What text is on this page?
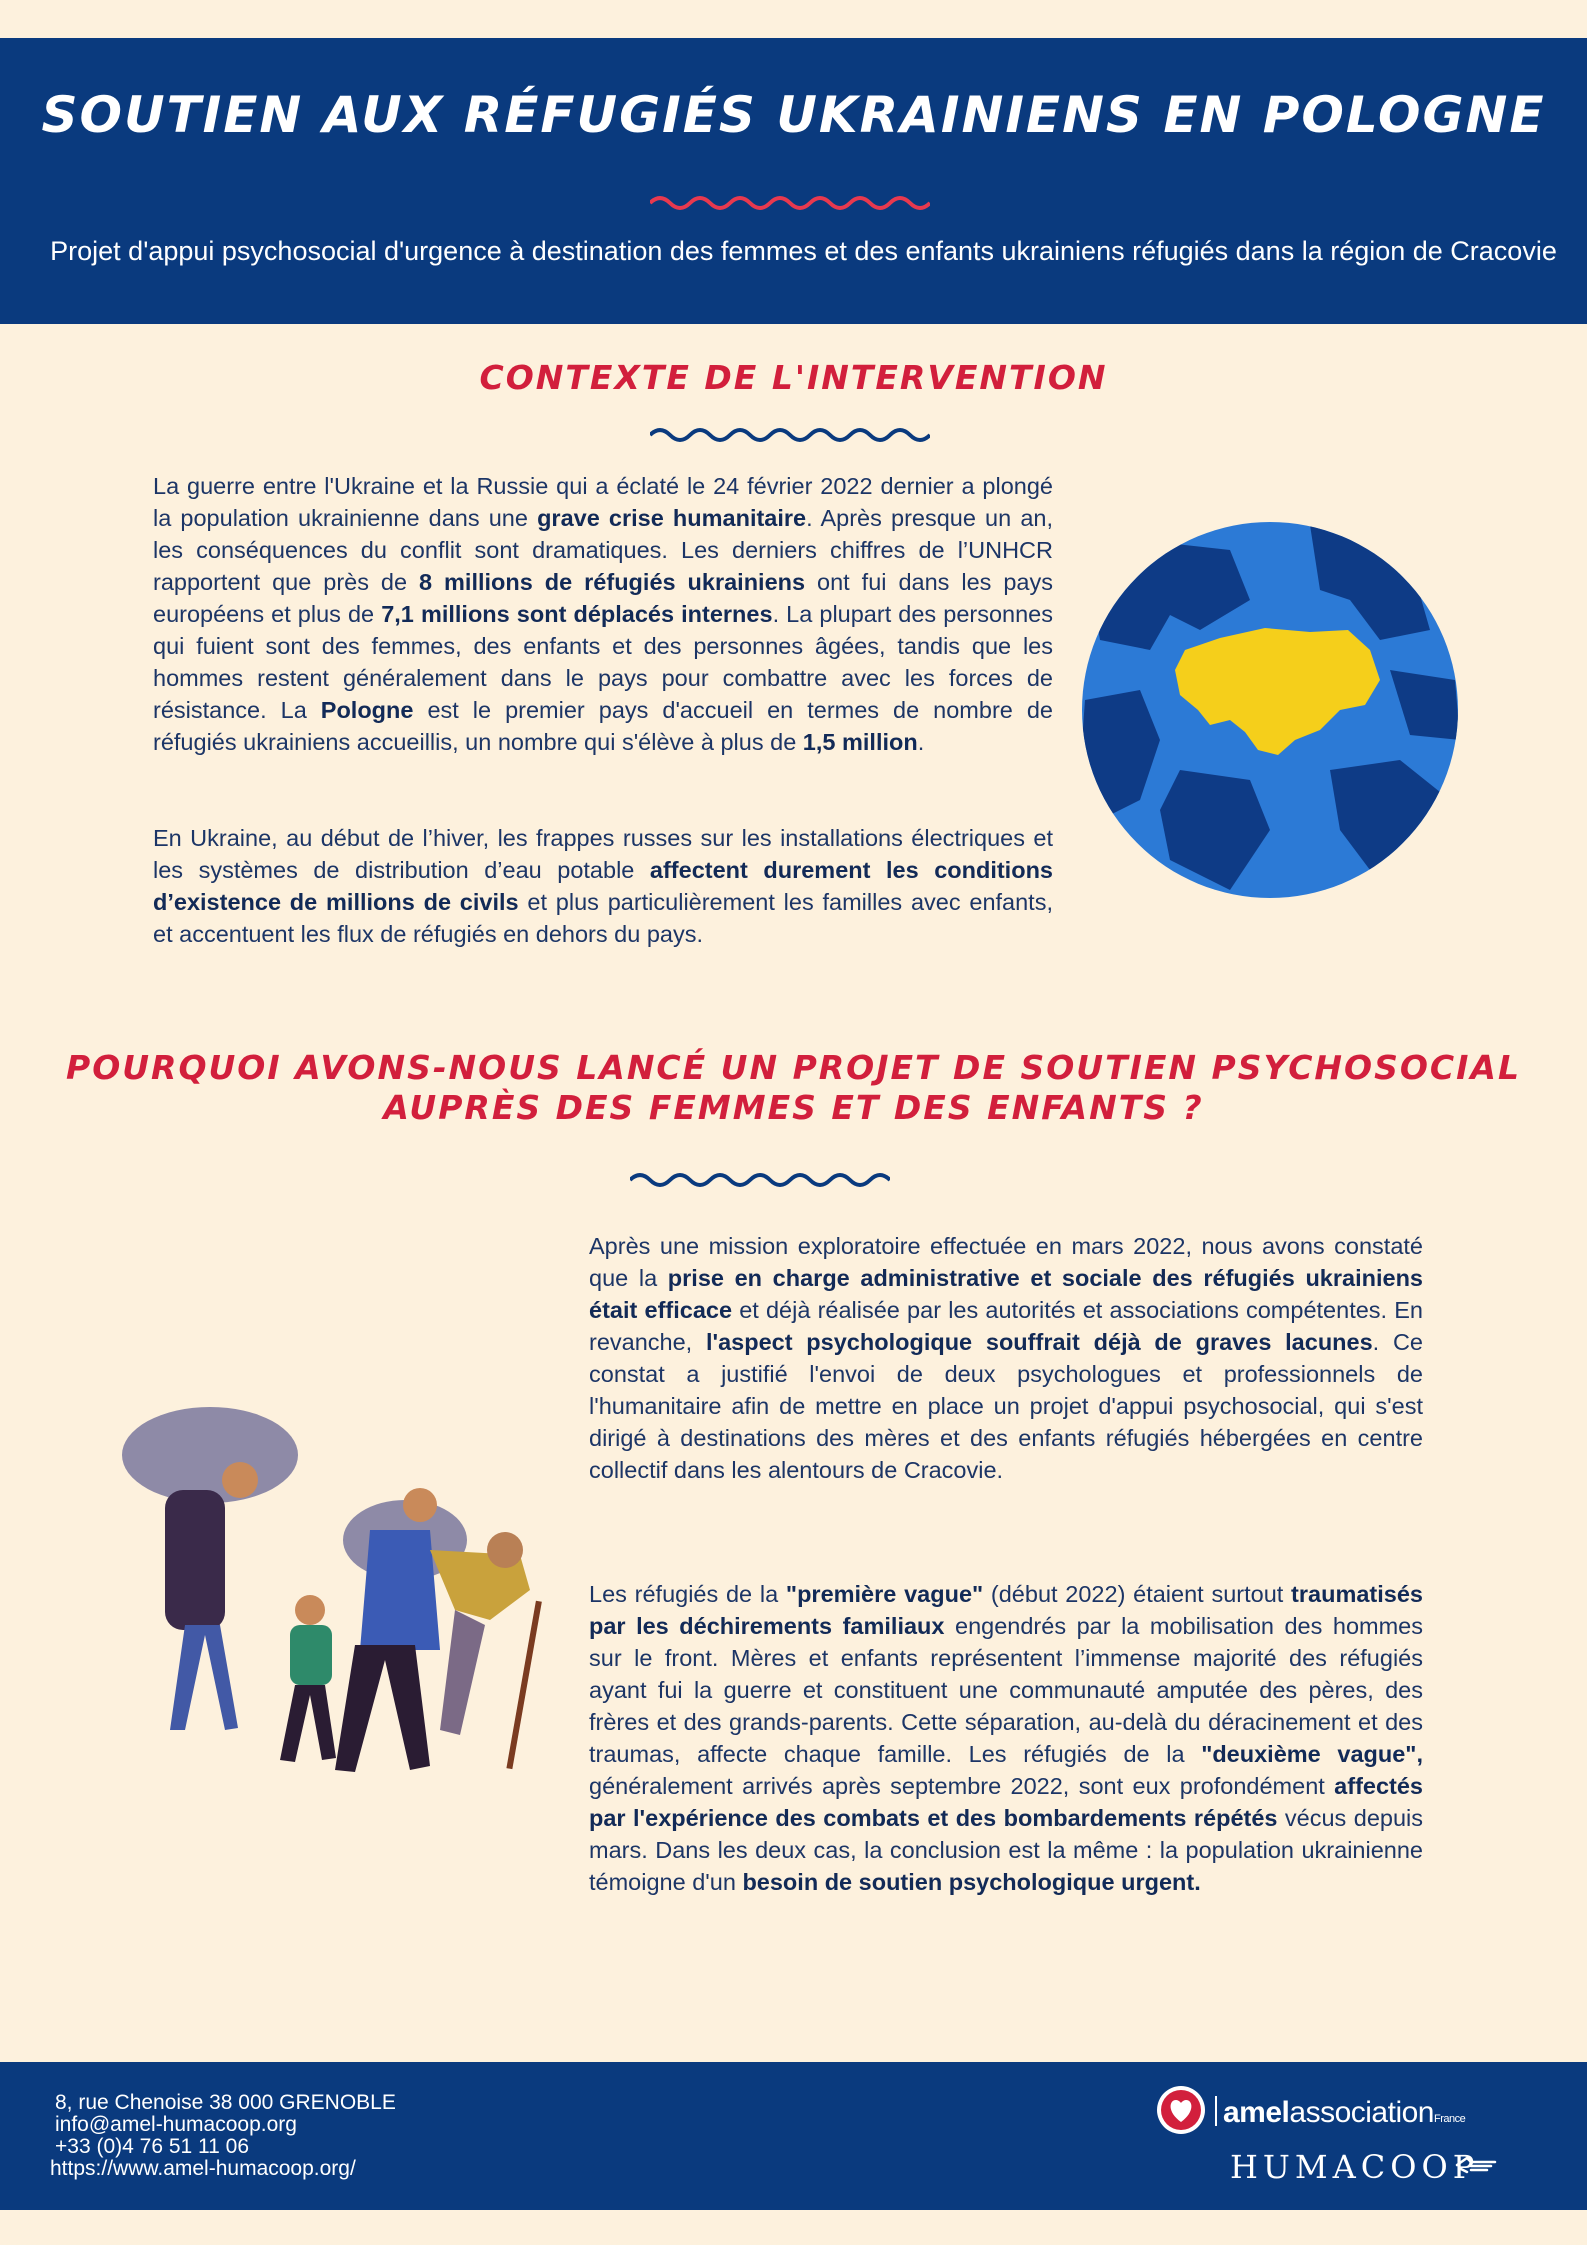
SOUTIEN AUX RÉFUGIÉS UKRAINIENS EN POLOGNE
Projet d'appui psychosocial d'urgence à destination des femmes et des enfants ukrainiens réfugiés dans la région de Cracovie
CONTEXTE DE L'INTERVENTION
La guerre entre l'Ukraine et la Russie qui a éclaté le 24 février 2022 dernier a plongé la population ukrainienne dans une grave crise humanitaire. Après presque un an, les conséquences du conflit sont dramatiques. Les derniers chiffres de l’UNHCR rapportent que près de 8 millions de réfugiés ukrainiens ont fui dans les pays européens et plus de 7,1 millions sont déplacés internes. La plupart des personnes qui fuient sont des femmes, des enfants et des personnes âgées, tandis que les hommes restent généralement dans le pays pour combattre avec les forces de résistance. La Pologne est le premier pays d'accueil en termes de nombre de réfugiés ukrainiens accueillis, un nombre qui s'élève à plus de 1,5 million.
En Ukraine, au début de l’hiver, les frappes russes sur les installations électriques et les systèmes de distribution d’eau potable affectent durement les conditions d’existence de millions de civils et plus particulièrement les familles avec enfants, et accentuent les flux de réfugiés en dehors du pays.
POURQUOI AVONS-NOUS LANCÉ UN PROJET DE SOUTIEN PSYCHOSOCIAL
AUPRÈS DES FEMMES ET DES ENFANTS ?
Après une mission exploratoire effectuée en mars 2022, nous avons constaté que la prise en charge administrative et sociale des réfugiés ukrainiens était efficace et déjà réalisée par les autorités et associations compétentes. En revanche, l'aspect psychologique souffrait déjà de graves lacunes. Ce constat a justifié l'envoi de deux psychologues et professionnels de l'humanitaire afin de mettre en place un projet d'appui psychosocial, qui s'est dirigé à destinations des mères et des enfants réfugiés hébergées en centre collectif dans les alentours de Cracovie.
Les réfugiés de la "première vague" (début 2022) étaient surtout traumatisés par les déchirements familiaux engendrés par la mobilisation des hommes sur le front. Mères et enfants représentent l’immense majorité des réfugiés ayant fui la guerre et constituent une communauté amputée des pères, des frères et des grands-parents. Cette séparation, au-delà du déracinement et des traumas, affecte chaque famille. Les réfugiés de la "deuxième vague", généralement arrivés après septembre 2022, sont eux profondément affectés par l'expérience des combats et des bombardements répétés vécus depuis mars. Dans les deux cas, la conclusion est la même : la population ukrainienne témoigne d'un besoin de soutien psychologique urgent.
8, rue Chenoise 38 000 GRENOBLE
info@amel-humacoop.org
+33 (0)4 76 51 11 06
https://www.amel-humacoop.org/
amelassociationFrance
HUMACOOP
